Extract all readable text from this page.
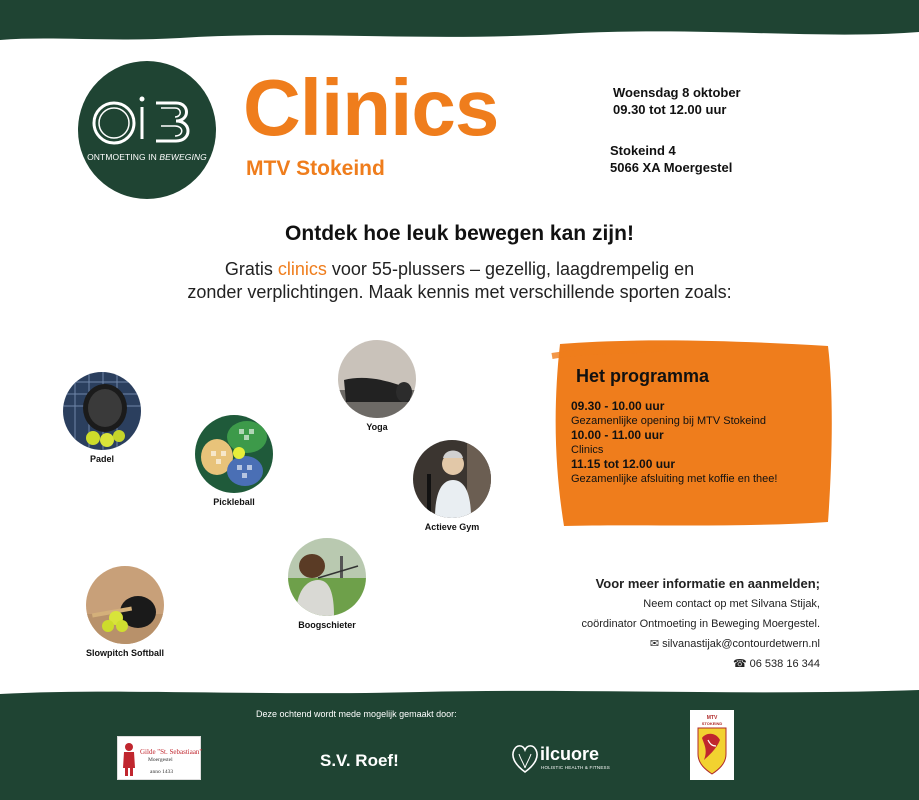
ONTMOETING IN BEWEGING
Clinics
MTV Stokeind
Woensdag 8 oktober
09.30 tot 12.00 uur
Stokeind 4
5066 XA Moergestel
Ontdek hoe leuk bewegen kan zijn!
Gratis clinics voor 55-plussers – gezellig, laagdrempelig en
zonder verplichtingen. Maak kennis met verschillende sporten zoals:
Padel
Pickleball
Yoga
Actieve Gym
Boogschieter
Slowpitch Softball
Het programma
09.30 - 10.00 uur
Gezamenlijke opening bij MTV Stokeind
10.00 - 11.00 uur
Clinics
11.15 tot 12.00 uur
Gezamenlijke afsluiting met koffie en thee!
Voor meer informatie en aanmelden;
Neem contact op met Silvana Stijak,
coördinator Ontmoeting in Beweging Moergestel.
✉ silvanastijak@contourdetwern.nl
☎ 06 538 16 344
Deze ochtend wordt mede mogelijk gemaakt door:
Gilde "St. Sebastiaan"
Moergestel
anno 1433
S.V. Roef!	ilcuore
HOLISTIC HEALTH & FITNESS
MTV
STOKEIND
